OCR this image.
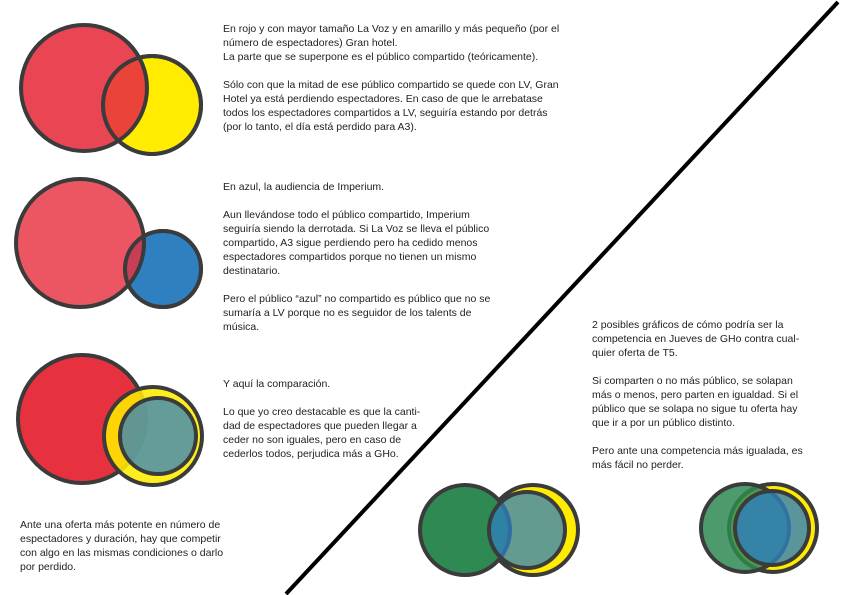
En rojo y con mayor tamaño La Voz y en amarillo y más pequeño (por el
número de espectadores) Gran hotel.
La parte que se superpone es el público compartido (teóricamente).

Sólo con que la mitad de ese público compartido se quede con LV, Gran
Hotel ya está perdiendo espectadores. En caso de que le arrebatase
todos los espectadores compartidos a LV, seguiría estando por detrás
(por lo tanto, el día está perdido para A3).

En azul, la audiencia de Imperium.

Aun llevándose todo el público compartido, Imperium
seguiría siendo la derrotada. Si La Voz se lleva el público
compartido, A3 sigue perdiendo pero ha cedido menos
espectadores compartidos porque no tienen un mismo
destinatario.

Pero el público “azul” no compartido es público que no se
sumaría a LV porque no es seguidor de los talents de
música.

Y aquí la comparación.

Lo que yo creo destacable es que la canti-
dad de espectadores que pueden llegar a
ceder no son iguales, pero en caso de
cederlos todos, perjudica más a GHo.

Ante una oferta más potente en número de
espectadores y duración, hay que competir
con algo en las mismas condiciones o darlo
por perdido.

2 posibles gráficos de cómo podría ser la
competencia en Jueves de GHo contra cual-
quier oferta de T5.

Si comparten o no más público, se solapan
más o menos, pero parten en igualdad. Si el
público que se solapa no sigue tu oferta hay
que ir a por un público distinto.

Pero ante una competencia más igualada, es
más fácil no perder.
